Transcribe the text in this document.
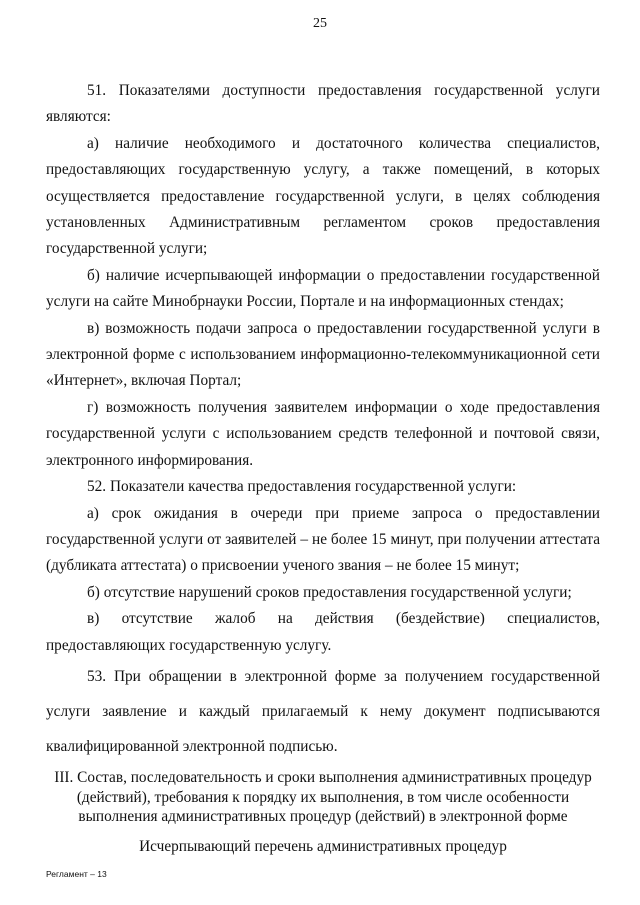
25

51. Показателями доступности предоставления государственной услуги являются:

а) наличие необходимого и достаточного количества специалистов, предоставляющих государственную услугу, а также помещений, в которых осуществляется предоставление государственной услуги, в целях соблюдения установленных Административным регламентом сроков предоставления государственной услуги;

б) наличие исчерпывающей информации о предоставлении государственной услуги на сайте Минобрнауки России, Портале и на информационных стендах;

в) возможность подачи запроса о предоставлении государственной услуги в электронной форме с использованием информационно-телекоммуникационной сети «Интернет», включая Портал;

г) возможность получения заявителем информации о ходе предоставления государственной услуги с использованием средств телефонной и почтовой связи, электронного информирования.

52. Показатели качества предоставления государственной услуги:

а) срок ожидания в очереди при приеме запроса о предоставлении государственной услуги от заявителей – не более 15 минут, при получении аттестата (дубликата аттестата) о присвоении ученого звания – не более 15 минут;

б) отсутствие нарушений сроков предоставления государственной услуги;

в) отсутствие жалоб на действия (бездействие) специалистов, предоставляющих государственную услугу.

53. При обращении в электронной форме за получением государственной услуги заявление и каждый прилагаемый к нему документ подписываются квалифицированной электронной подписью.

III. Состав, последовательность и сроки выполнения административных процедур (действий), требования к порядку их выполнения, в том числе особенности выполнения административных процедур (действий) в электронной форме
Исчерпывающий перечень административных процедур
Регламент – 13
